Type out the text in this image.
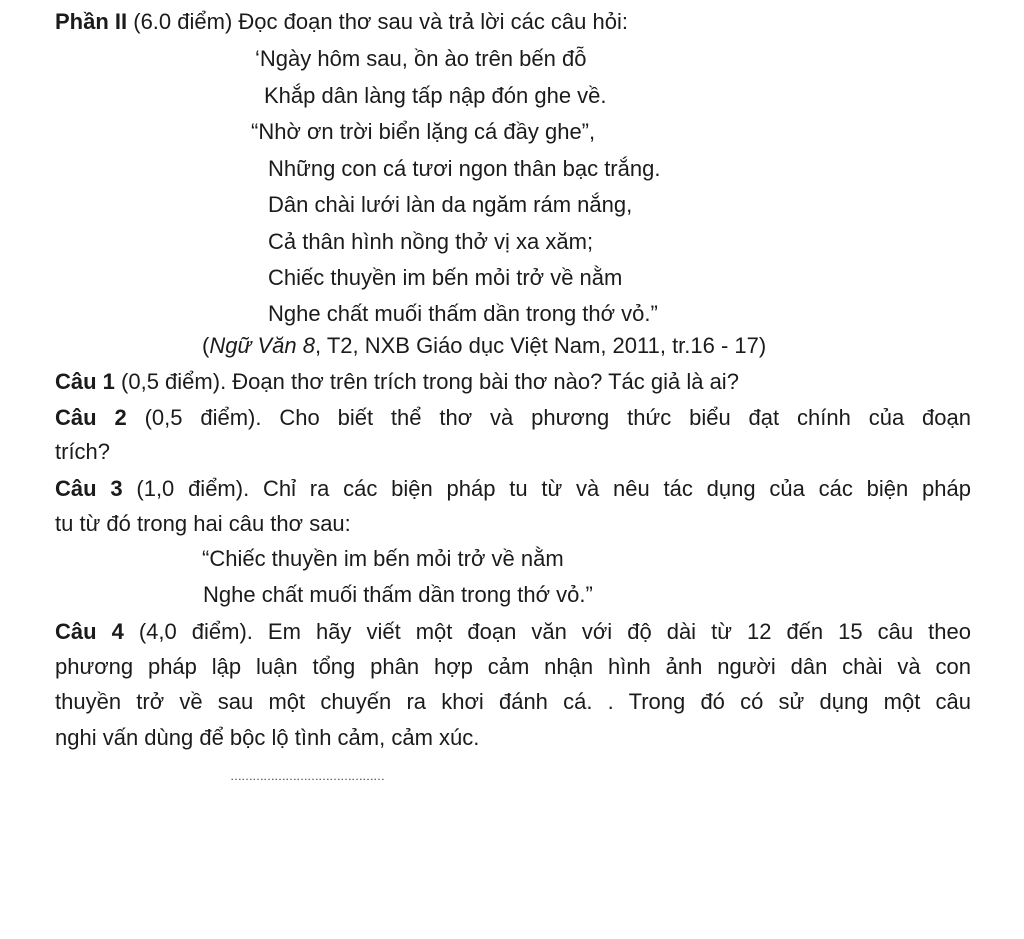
Phần II (6.0 điểm) Đọc đoạn thơ sau và trả lời các câu hỏi:
‘Ngày hôm sau, ồn ào trên bến đỗ
Khắp dân làng tấp nập đón ghe về.
“Nhờ ơn trời biển lặng cá đầy ghe”,
Những con cá tươi ngon thân bạc trắng.
Dân chài lưới làn da ngăm rám nắng,
Cả thân hình nồng thở vị xa xăm;
Chiếc thuyền im bến mỏi trở về nằm
Nghe chất muối thấm dần trong thớ vỏ.”
(Ngữ Văn 8, T2, NXB Giáo dục Việt Nam, 2011, tr.16 - 17)
Câu 1 (0,5 điểm). Đoạn thơ trên trích trong bài thơ nào? Tác giả là ai?
Câu 2 (0,5 điểm). Cho biết thể thơ và phương thức biểu đạt chính của đoạn
trích?
Câu 3 (1,0 điểm). Chỉ ra các biện pháp tu từ và nêu tác dụng của các biện pháp
tu từ đó trong hai câu thơ sau:
“Chiếc thuyền im bến mỏi trở về nằm
Nghe chất muối thấm dần trong thớ vỏ.”
Câu 4 (4,0 điểm). Em hãy viết một đoạn văn với độ dài từ 12 đến 15 câu theo
phương pháp lập luận tổng phân hợp cảm nhận hình ảnh người dân chài và con
thuyền trở về sau một chuyến ra khơi đánh cá. . Trong đó có sử dụng một câu
nghi vấn dùng để bộc lộ tình cảm, cảm xúc.
……………………………………
